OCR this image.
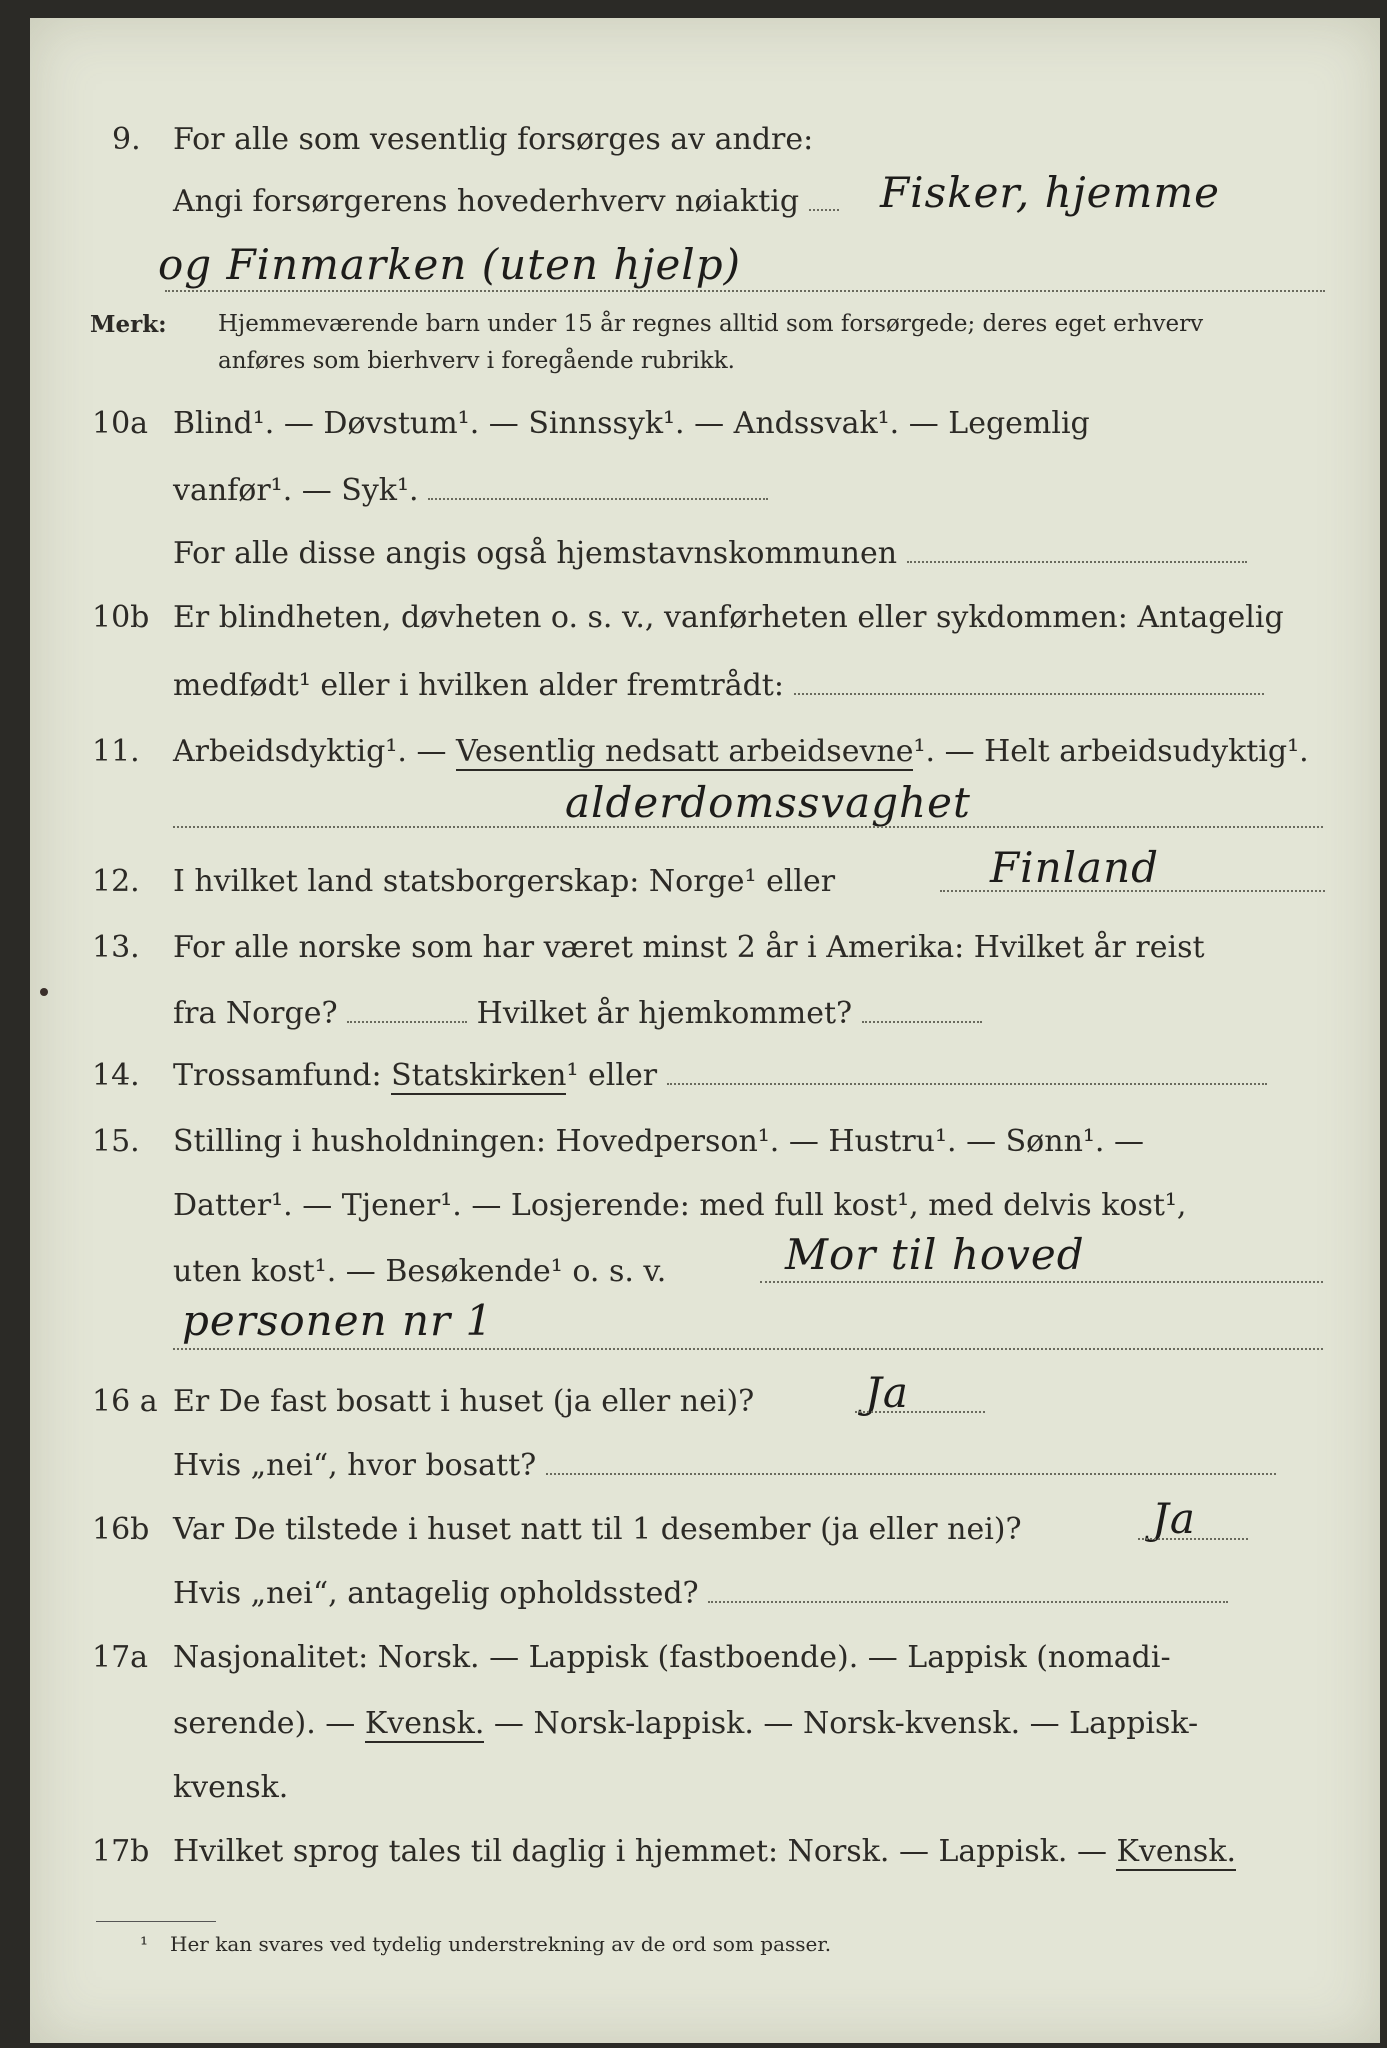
9. For alle som vesentlig forsørges av andre:
Angi forsørgerens hovederhverv nøiaktig	Fisker, hjemme
og Finmarken (uten hjelp)
Merk: Hjemmeværende barn under 15 år regnes alltid som forsørgede; deres eget erhverv
anføres som bierhverv i foregående rubrikk.
10a Blind¹. — Døvstum¹. — Sinnssyk¹. — Andssvak¹. — Legemlig
vanfør¹. — Syk¹.
For alle disse angis også hjemstavnskommunen
10b Er blindheten, døvheten o. s. v., vanførheten eller sykdommen: Antagelig
medfødt¹ eller i hvilken alder fremtrådt:
11. Arbeidsdyktig¹. — Vesentlig nedsatt arbeidsevne¹. — Helt arbeidsudyktig¹.
alderdomssvaghet
12. I hvilket land statsborgerskap: Norge¹ eller	Finland
13. For alle norske som har været minst 2 år i Amerika: Hvilket år reist
fra Norge?	Hvilket år hjemkommet?
14. Trossamfund: Statskirken¹ eller
15. Stilling i husholdningen: Hovedperson¹. — Hustru¹. — Sønn¹. —
Datter¹. — Tjener¹. — Losjerende: med full kost¹, med delvis kost¹,
uten kost¹. — Besøkende¹ o. s. v.	Mor til hoved
personen nr 1
16 a Er De fast bosatt i huset (ja eller nei)?	Ja
Hvis „nei“, hvor bosatt?
16b Var De tilstede i huset natt til 1 desember (ja eller nei)?	Ja
Hvis „nei“, antagelig opholdssted?
17a Nasjonalitet: Norsk. — Lappisk (fastboende). — Lappisk (nomadi-
serende). — Kvensk. — Norsk-lappisk. — Norsk-kvensk. — Lappisk-
kvensk.
17b Hvilket sprog tales til daglig i hjemmet: Norsk. — Lappisk. — Kvensk.
¹ Her kan svares ved tydelig understrekning av de ord som passer.
